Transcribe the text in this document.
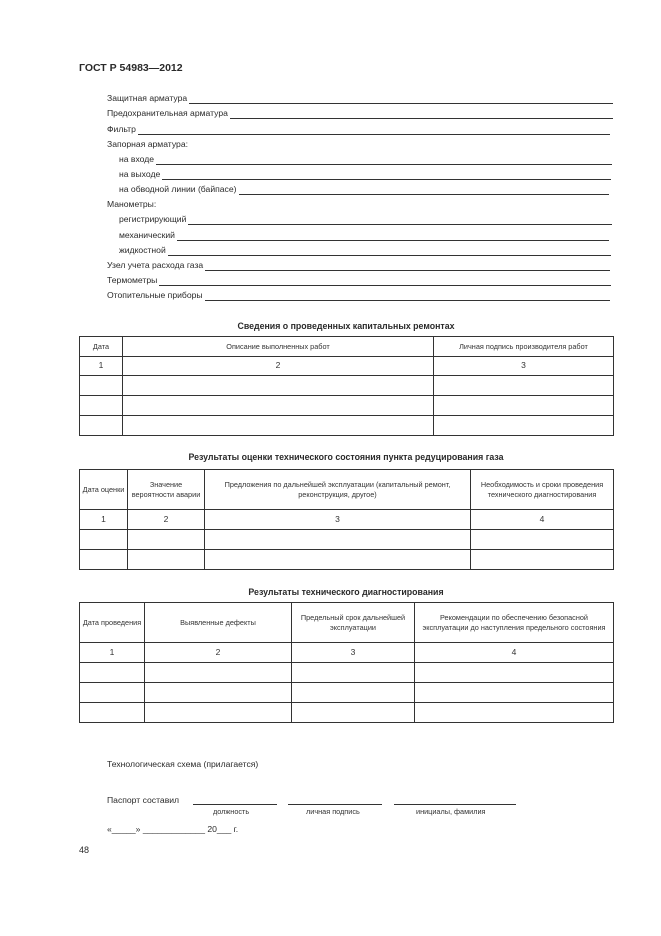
ГОСТ Р 54983—2012
Защитная арматура
Предохранительная арматура
Фильтр
Запорная арматура:
на входе
на выходе
на обводной линии (байпасе)
Манометры:
регистрирующий
механический
жидкостной
Узел учета расхода газа
Термометры
Отопительные приборы
Сведения о проведенных капитальных ремонтах
Дата	Описание выполненных работ	Личная подпись производителя работ
1	2	3

Результаты оценки технического состояния пункта редуцирования газа
Дата оценки	Значение вероятности аварии	Предложения по дальнейшей эксплуатации (капитальный ремонт, реконструкция, другое)	Необходимость и сроки проведения технического диагностирования
1	2	3	4

Результаты технического диагностирования
Дата проведения	Выявленные дефекты	Предельный срок дальнейшей эксплуатации	Рекомендации по обеспечению безопасной эксплуатации до наступления предельного состояния
1	2	3	4

Технологическая схема (прилагается)
Паспорт составил
должность	личная подпись	инициалы, фамилия
«_____» _____________ 20___ г.
48
